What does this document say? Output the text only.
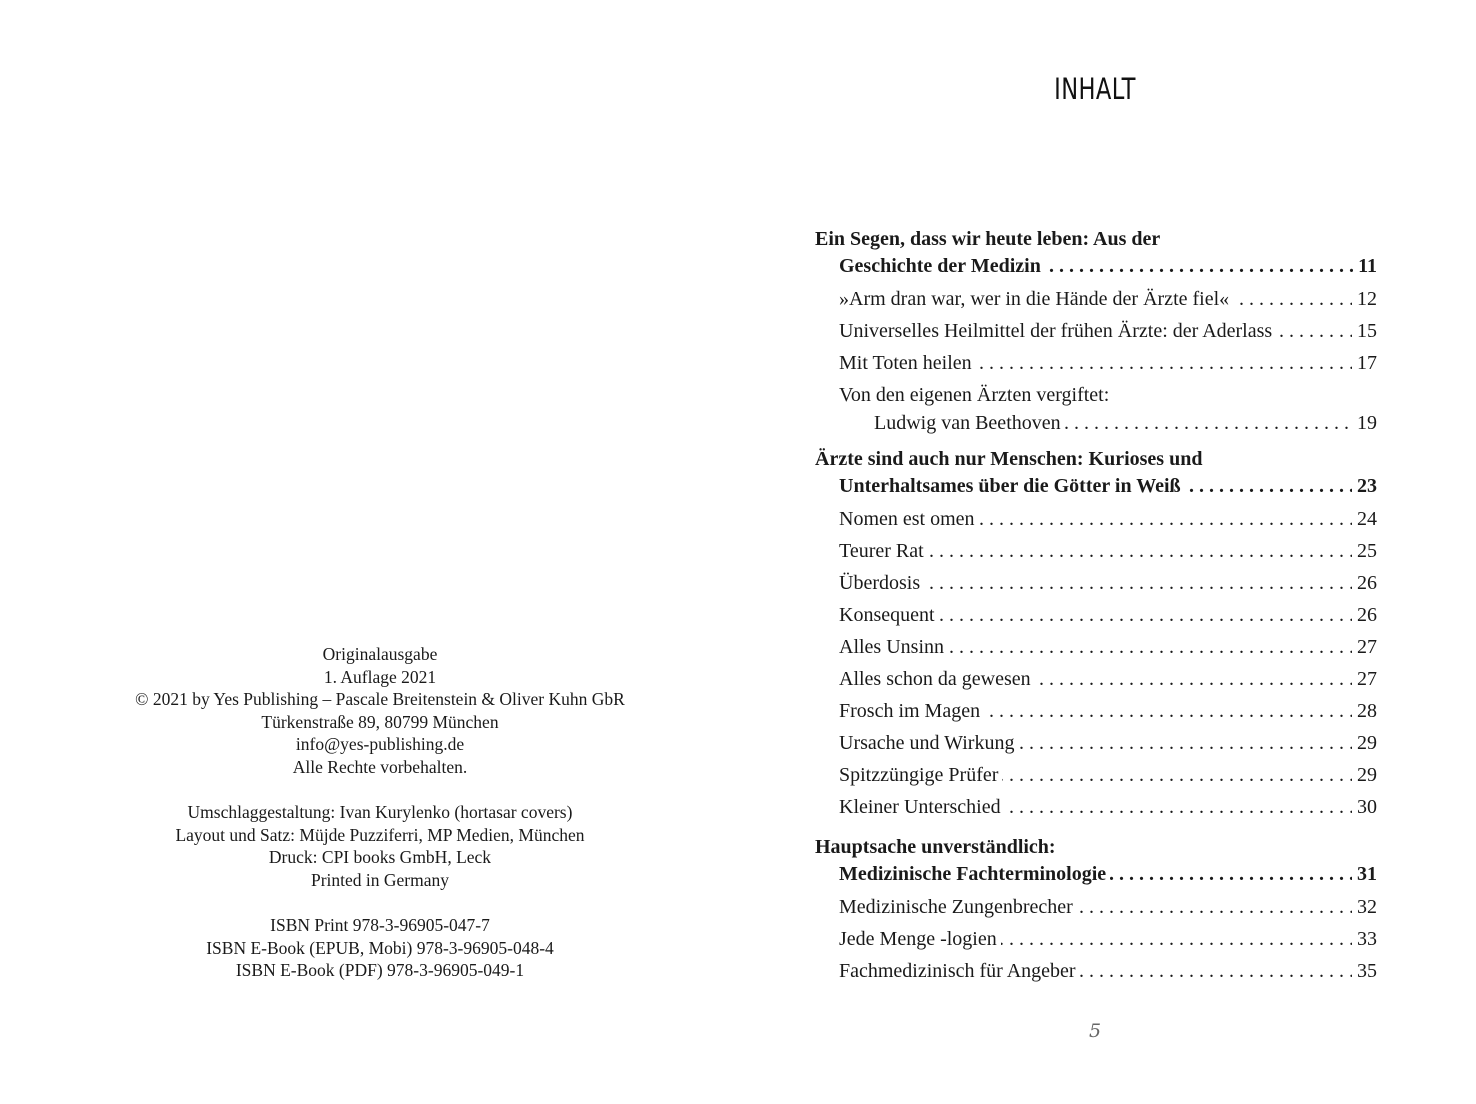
Originalausgabe
1. Auflage 2021
© 2021 by Yes Publishing – Pascale Breitenstein & Oliver Kuhn GbR
Türkenstraße 89, 80799 München
info@yes-publishing.de
Alle Rechte vorbehalten.
Umschlaggestaltung: Ivan Kurylenko (hortasar covers)
Layout und Satz: Müjde Puzziferri, MP Medien, München
Druck: CPI books GmbH, Leck
Printed in Germany
ISBN Print 978-3-96905-047-7
ISBN E-Book (EPUB, Mobi) 978-3-96905-048-4
ISBN E-Book (PDF) 978-3-96905-049-1
INHALT
Ein Segen, dass wir heute leben: Aus der
. . . Geschichte der Medizin	11
. . . »Arm dran war, wer in die Hände der Ärzte fiel«	12
. . . Universelles Heilmittel der frühen Ärzte: der Aderlass	15
. . . Mit Toten heilen	17
Von den eigenen Ärzten vergiftet:
. . . Ludwig van Beethoven	19
Ärzte sind auch nur Menschen: Kurioses und
. . . Unterhaltsames über die Götter in Weiß	23
. . . Nomen est omen	24
. . . Teurer Rat	25
. . . Überdosis	26
. . . Konsequent	26
. . . Alles Unsinn	27
. . . Alles schon da gewesen	27
. . . Frosch im Magen	28
. . . Ursache und Wirkung	29
. . . Spitzzüngige Prüfer	29
. . . Kleiner Unterschied	30
Hauptsache unverständlich:
. . . Medizinische Fachterminologie	31
. . . Medizinische Zungenbrecher	32
. . . Jede Menge -logien	33
. . . Fachmedizinisch für Angeber	35
5
